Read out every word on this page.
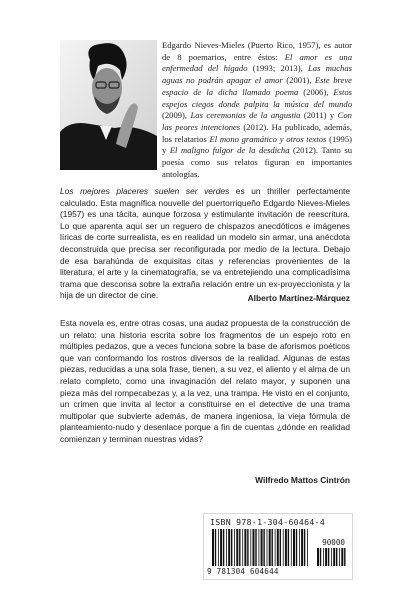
Edgardo Nieves-Mieles (Puerto Rico, 1957), es autor de 8 poemarios, entre éstos: El amor es una enfermedad del hígado (1993; 2013), Las muchas aguas no podrán apagar el amor (2001), Este breve espacio de la dicha llamado poema (2006), Estos espejos ciegos donde palpita la música del mundo (2009), Las ceremonias de la angustia (2011) y Con las peores intenciones (2012). Ha publicado, además, los relatarios El mono gramático y otros textos (1995) y El maligno fulgor de la desdicha (2012). Tanto su poesía como sus relatos figuran en importantes antologías.

Los mejores placeres suelen ser verdes es un thriller perfectamente calculado. Esta magnífica nouvelle del puertorriqueño Edgardo Nieves-Mieles (1957) es una tácita, aunque forzosa y estimulante invitación de reescritura. Lo que aparenta aquí ser un reguero de chispazos anecdóticos e imágenes líricas de corte surrealista, es en realidad un modelo sin armar, una anécdota deconstruida que precisa ser reconfigurada por medio de la lectura. Debajo de esa barahúnda de exquisitas citas y referencias provenientes de la literatura, el arte y la cinematografía, se va entretejiendo una complicadísima trama que desconsa sobre la extraña relación entre un ex-proyeccionista y la hija de un director de cine.	Alberto Martínez-Márquez

Esta novela es, entre otras cosas, una audaz propuesta de la construcción de un relato: una historia escrita sobre los fragmentos de un espejo roto en múltiples pedazos, que a veces funciona sobre la base de aforismos poéticos que van conformando los rostros diversos de la realidad. Algunas de estas piezas, reducidas a una sola frase, tienen, a su vez, el aliento y el alma de un relato completo, como una invaginación del relato mayor, y suponen una pieza más del rompecabezas y, a la vez, una trampa. He visto en el conjunto, un crimen que invita al lector a constituirse en el detective de una trama multipolar que subvierte además, de manera ingeniosa, la vieja fórmula de planteamiento-nudo y desenlace porque a fin de cuentas ¿dónde en realidad comienzan y terminan nuestras vidas?

Wilfredo Mattos Cintrón

ISBN 978-1-304-60464-4

90000

9 781304 604644
